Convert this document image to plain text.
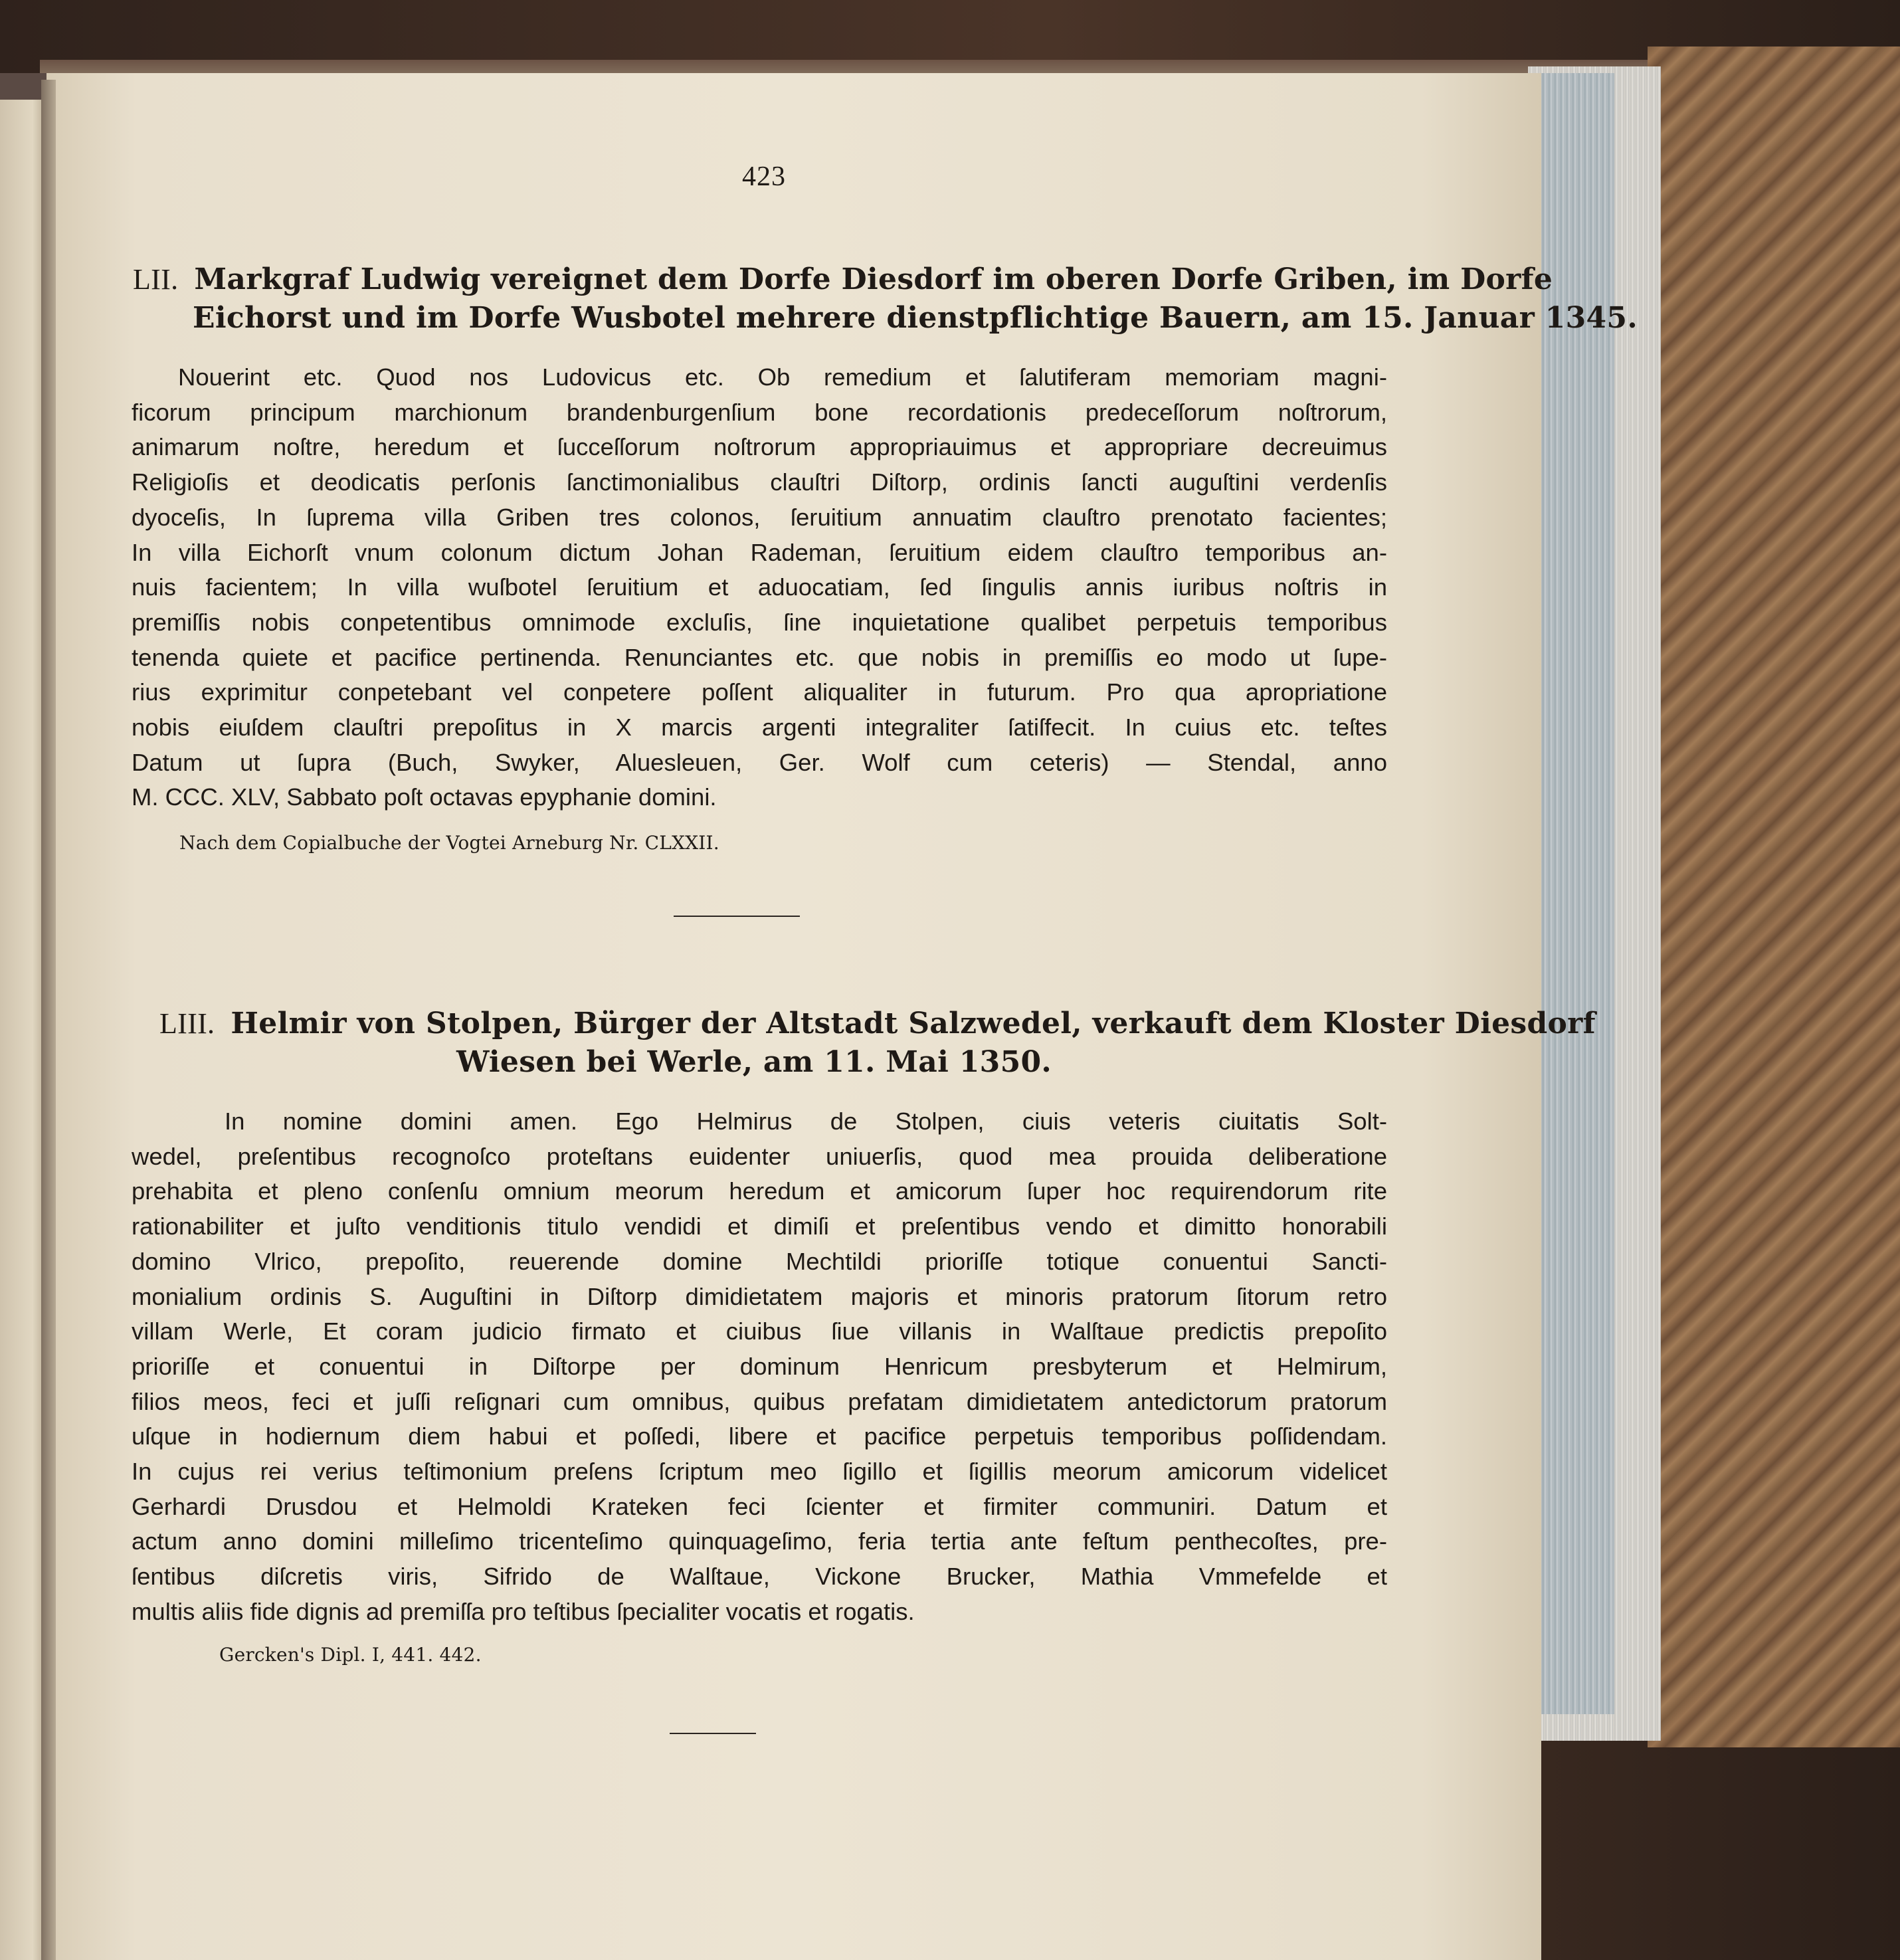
423
LII. Markgraf Ludwig vereignet dem Dorfe Diesdorf im oberen Dorfe Griben, im Dorfe
Eichorst und im Dorfe Wusbotel mehrere dienstpflichtige Bauern, am 15. Januar 1345.
Nouerint etc. Quod nos Ludovicus etc. Ob remedium et ſalutiferam memoriam magni-
ficorum principum marchionum brandenburgenſium bone recordationis predeceſſorum noſtrorum,
animarum noſtre, heredum et ſucceſſorum noſtrorum appropriauimus et appropriare decreuimus
Religioſis et deodicatis perſonis ſanctimonialibus clauſtri Diſtorp, ordinis ſancti auguſtini verdenſis
dyoceſis, In ſuprema villa Griben tres colonos, ſeruitium annuatim clauſtro prenotato facientes;
In villa Eichorſt vnum colonum dictum Johan Rademan, ſeruitium eidem clauſtro temporibus an-
nuis facientem; In villa wuſbotel ſeruitium et aduocatiam, ſed ſingulis annis iuribus noſtris in
premiſſis nobis conpetentibus omnimode excluſis, ſine inquietatione qualibet perpetuis temporibus
tenenda quiete et pacifice pertinenda. Renunciantes etc. que nobis in premiſſis eo modo ut ſupe-
rius exprimitur conpetebant vel conpetere poſſent aliqualiter in futurum. Pro qua apropriatione
nobis eiuſdem clauſtri prepoſitus in X marcis argenti integraliter ſatiſfecit. In cuius etc. teſtes
Datum ut ſupra (Buch, Swyker, Aluesleuen, Ger. Wolf cum ceteris) — Stendal, anno
M. CCC. XLV, Sabbato poſt octavas epyphanie domini.
Nach dem Copialbuche der Vogtei Arneburg Nr. CLXXII.
LIII. Helmir von Stolpen, Bürger der Altstadt Salzwedel, verkauft dem Kloster Diesdorf
Wiesen bei Werle, am 11. Mai 1350.
In nomine domini amen. Ego Helmirus de Stolpen, ciuis veteris ciuitatis Solt-
wedel, preſentibus recognoſco proteſtans euidenter uniuerſis, quod mea prouida deliberatione
prehabita et pleno conſenſu omnium meorum heredum et amicorum ſuper hoc requirendorum rite
rationabiliter et juſto venditionis titulo vendidi et dimiſi et preſentibus vendo et dimitto honorabili
domino Vlrico, prepoſito, reuerende domine Mechtildi prioriſſe totique conuentui Sancti-
monialium ordinis S. Auguſtini in Diſtorp dimidietatem majoris et minoris pratorum ſitorum retro
villam Werle, Et coram judicio firmato et ciuibus ſiue villanis in Walſtaue predictis prepoſito
prioriſſe et conuentui in Diſtorpe per dominum Henricum presbyterum et Helmirum,
filios meos, feci et juſſi reſignari cum omnibus, quibus prefatam dimidietatem antedictorum pratorum
uſque in hodiernum diem habui et poſſedi, libere et pacifice perpetuis temporibus poſſidendam.
In cujus rei verius teſtimonium preſens ſcriptum meo ſigillo et ſigillis meorum amicorum videlicet
Gerhardi Drusdou et Helmoldi Krateken feci ſcienter et firmiter communiri. Datum et
actum anno domini milleſimo tricenteſimo quinquageſimo, feria tertia ante feſtum penthecoſtes, pre-
ſentibus diſcretis viris, Sifrido de Walſtaue, Vickone Brucker, Mathia Vmmefelde et
multis aliis fide dignis ad premiſſa pro teſtibus ſpecialiter vocatis et rogatis.
Gercken's Dipl. I, 441. 442.
